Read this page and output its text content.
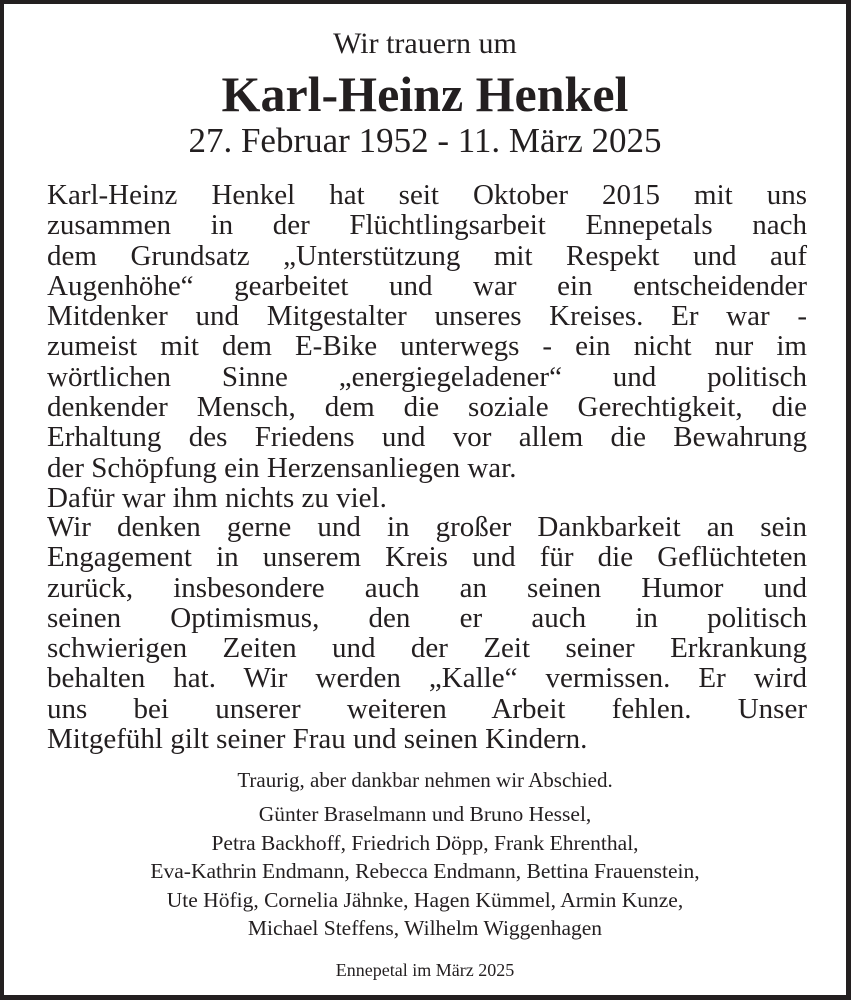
Wir trauern um
Karl-Heinz Henkel
27. Februar 1952 - 11. März 2025
Karl-Heinz Henkel hat seit Oktober 2015 mit uns
zusammen in der Flüchtlingsarbeit Ennepetals nach
dem Grundsatz „Unterstützung mit Respekt und auf
Augenhöhe“ gearbeitet und war ein entscheidender
Mitdenker und Mitgestalter unseres Kreises. Er war -
zumeist mit dem E-Bike unterwegs - ein nicht nur im
wörtlichen Sinne „energiegeladener“ und politisch
denkender Mensch, dem die soziale Gerechtigkeit, die
Erhaltung des Friedens und vor allem die Bewahrung
der Schöpfung ein Herzensanliegen war.
Dafür war ihm nichts zu viel.
Wir denken gerne und in großer Dankbarkeit an sein
Engagement in unserem Kreis und für die Geflüchteten
zurück, insbesondere auch an seinen Humor und
seinen Optimismus, den er auch in politisch
schwierigen Zeiten und der Zeit seiner Erkrankung
behalten hat. Wir werden „Kalle“ vermissen. Er wird
uns bei unserer weiteren Arbeit fehlen. Unser
Mitgefühl gilt seiner Frau und seinen Kindern.
Traurig, aber dankbar nehmen wir Abschied.
Günter Braselmann und Bruno Hessel,
Petra Backhoff, Friedrich Döpp, Frank Ehrenthal,
Eva-Kathrin Endmann, Rebecca Endmann, Bettina Frauenstein,
Ute Höfig, Cornelia Jähnke, Hagen Kümmel, Armin Kunze,
Michael Steffens, Wilhelm Wiggenhagen
Ennepetal im März 2025
